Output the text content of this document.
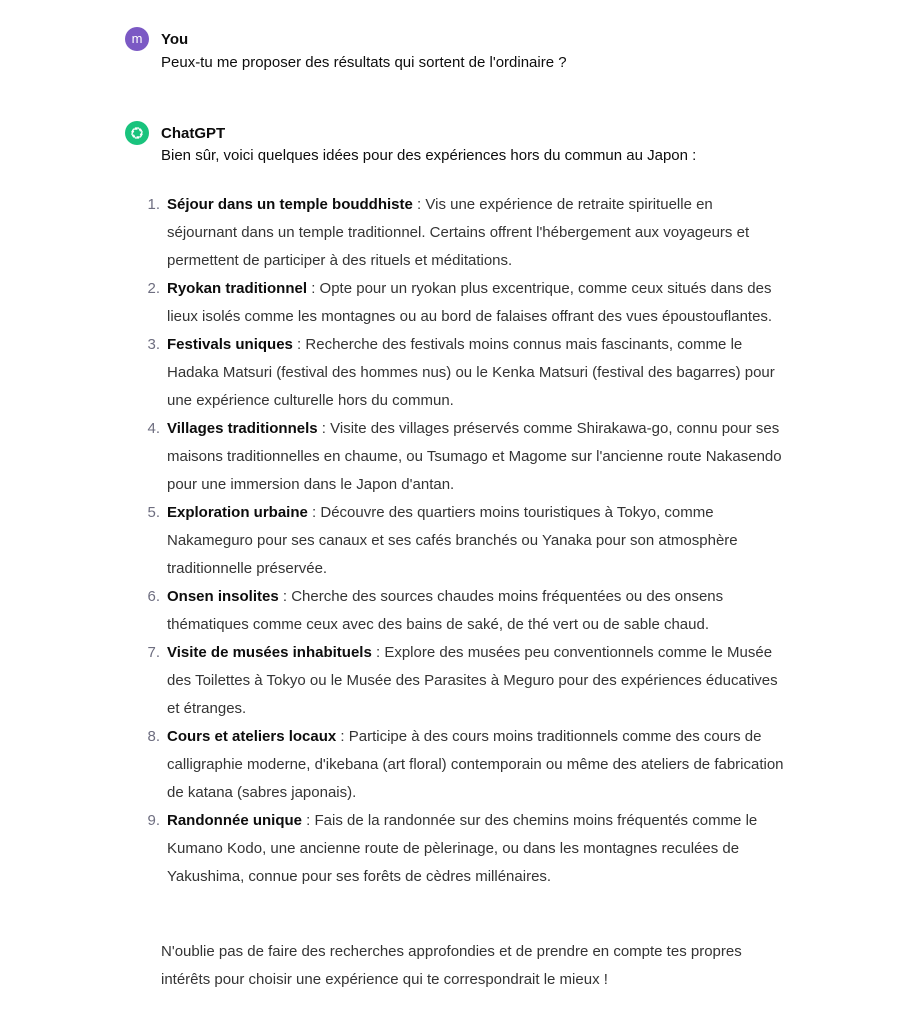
m You
Peux-tu me proposer des résultats qui sortent de l'ordinaire ?
ChatGPT
Bien sûr, voici quelques idées pour des expériences hors du commun au Japon :
1. Séjour dans un temple bouddhiste : Vis une expérience de retraite spirituelle en séjournant dans un temple traditionnel. Certains offrent l'hébergement aux voyageurs et permettent de participer à des rituels et méditations.
2. Ryokan traditionnel : Opte pour un ryokan plus excentrique, comme ceux situés dans des lieux isolés comme les montagnes ou au bord de falaises offrant des vues époustouflantes.
3. Festivals uniques : Recherche des festivals moins connus mais fascinants, comme le Hadaka Matsuri (festival des hommes nus) ou le Kenka Matsuri (festival des bagarres) pour une expérience culturelle hors du commun.
4. Villages traditionnels : Visite des villages préservés comme Shirakawa-go, connu pour ses maisons traditionnelles en chaume, ou Tsumago et Magome sur l'ancienne route Nakasendo pour une immersion dans le Japon d'antan.
5. Exploration urbaine : Découvre des quartiers moins touristiques à Tokyo, comme Nakameguro pour ses canaux et ses cafés branchés ou Yanaka pour son atmosphère traditionnelle préservée.
6. Onsen insolites : Cherche des sources chaudes moins fréquentées ou des onsens thématiques comme ceux avec des bains de saké, de thé vert ou de sable chaud.
7. Visite de musées inhabituels : Explore des musées peu conventionnels comme le Musée des Toilettes à Tokyo ou le Musée des Parasites à Meguro pour des expériences éducatives et étranges.
8. Cours et ateliers locaux : Participe à des cours moins traditionnels comme des cours de calligraphie moderne, d'ikebana (art floral) contemporain ou même des ateliers de fabrication de katana (sabres japonais).
9. Randonnée unique : Fais de la randonnée sur des chemins moins fréquentés comme le Kumano Kodo, une ancienne route de pèlerinage, ou dans les montagnes reculées de Yakushima, connue pour ses forêts de cèdres millénaires.
N'oublie pas de faire des recherches approfondies et de prendre en compte tes propres intérêts pour choisir une expérience qui te correspondrait le mieux !
